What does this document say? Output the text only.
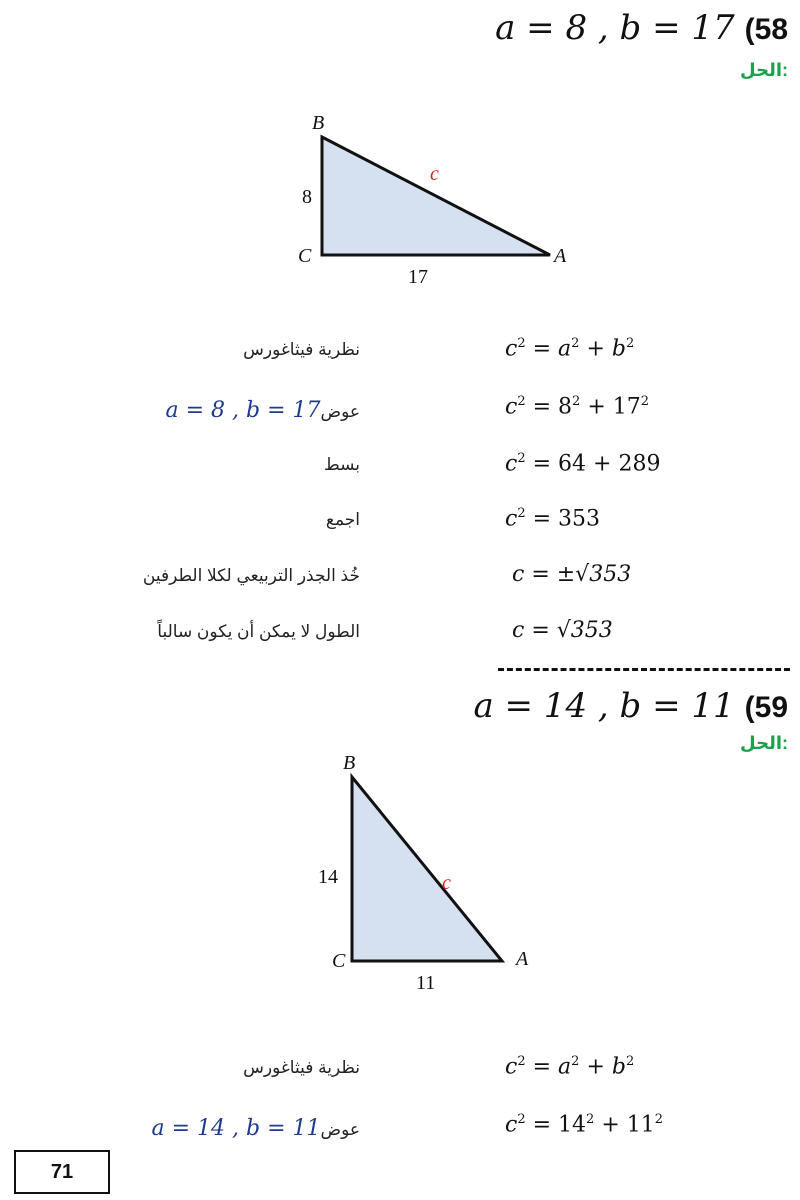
a = 8 , b = 17 (58
الحل:
B
C	A
8
17
c
نظرية فيثاغورس	$c^2 = a^2 + b^2$
عوضa = 8 , b = 17	$c^2 = 8^2 + 17^2$
بسط	$c^2 = 64 + 289$
اجمع	$c^2 = 353$
خُذ الجذر التربيعي لكلا الطرفين	c = ±√353
الطول لا يمكن أن يكون سالباً	c = √353
a = 14 , b = 11 (59
الحل:
B
C	A
14
11
c
نظرية فيثاغورس	$c^2 = a^2 + b^2$
عوضa = 14 , b = 11	$c^2 = 14^2 + 11^2$
71
